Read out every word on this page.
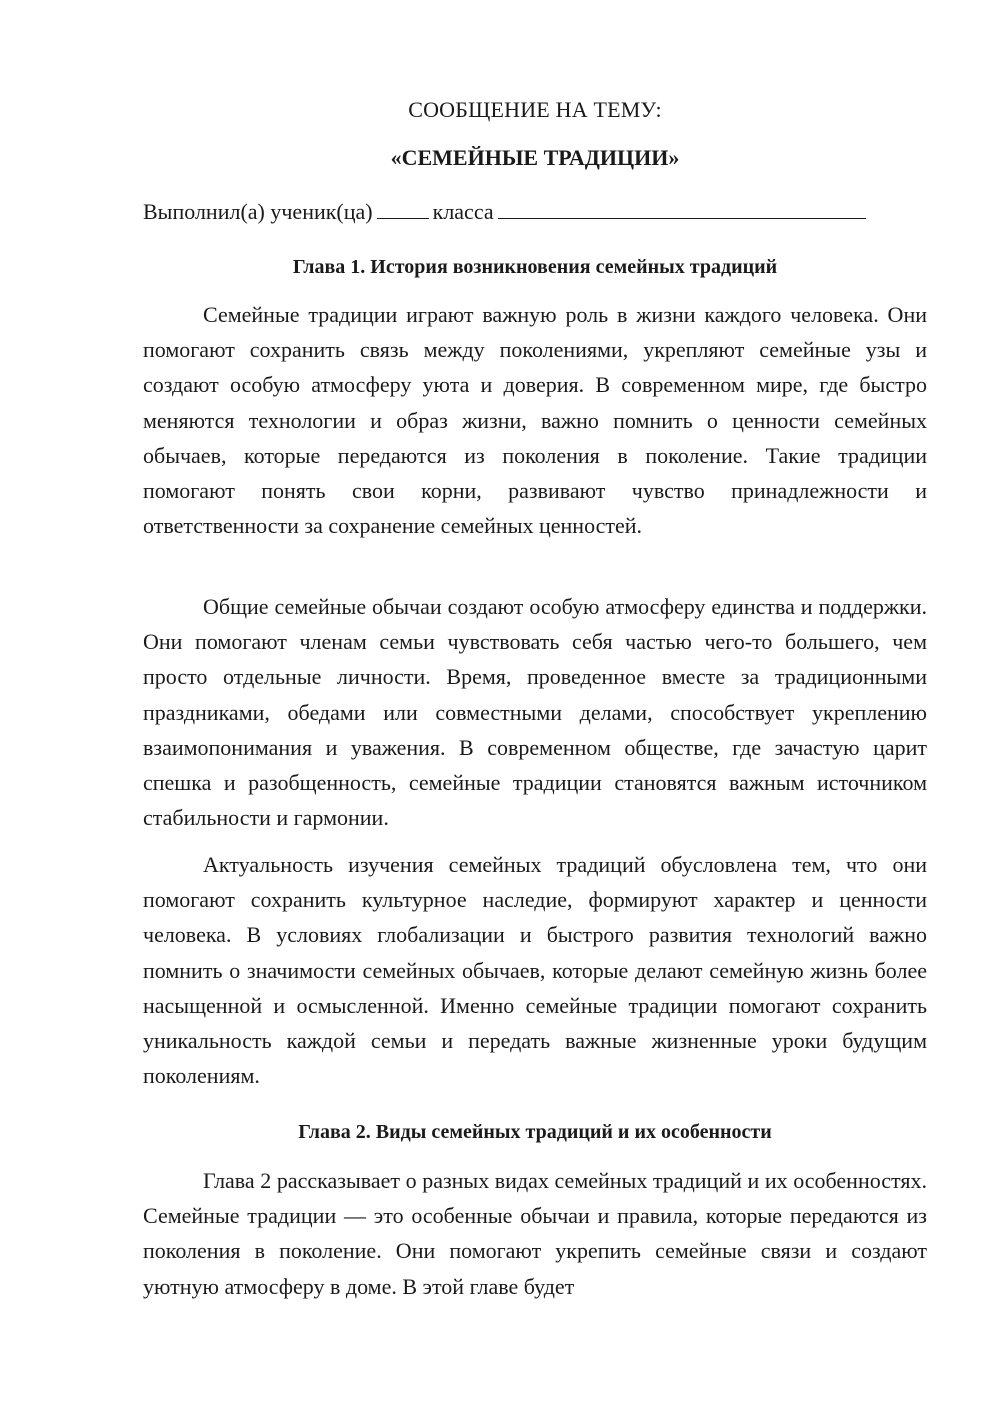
СООБЩЕНИЕ НА ТЕМУ:
«СЕМЕЙНЫЕ ТРАДИЦИИ»
Выполнил(а) ученик(ца)	класса
Глава 1. История возникновения семейных традиций

Семейные традиции играют важную роль в жизни каждого человека. Они помогают сохранить связь между поколениями, укрепляют семейные узы и создают особую атмосферу уюта и доверия. В современном мире, где быстро меняются технологии и образ жизни, важно помнить о ценности семейных обычаев, которые передаются из поколения в поколение. Такие традиции помогают понять свои корни, развивают чувство принадлежности и ответственности за сохранение семейных ценностей.

Общие семейные обычаи создают особую атмосферу единства и поддержки. Они помогают членам семьи чувствовать себя частью чего-то большего, чем просто отдельные личности. Время, проведенное вместе за традиционными праздниками, обедами или совместными делами, способствует укреплению взаимопонимания и уважения. В современном обществе, где зачастую царит спешка и разобщенность, семейные традиции становятся важным источником стабильности и гармонии.

Актуальность изучения семейных традиций обусловлена тем, что они помогают сохранить культурное наследие, формируют характер и ценности человека. В условиях глобализации и быстрого развития технологий важно помнить о значимости семейных обычаев, которые делают семейную жизнь более насыщенной и осмысленной. Именно семейные традиции помогают сохранить уникальность каждой семьи и передать важные жизненные уроки будущим поколениям.

Глава 2. Виды семейных традиций и их особенности

Глава 2 рассказывает о разных видах семейных традиций и их особенностях. Семейные традиции — это особенные обычаи и правила, которые передаются из поколения в поколение. Они помогают укрепить семейные связи и создают уютную атмосферу в доме. В этой главе будет
